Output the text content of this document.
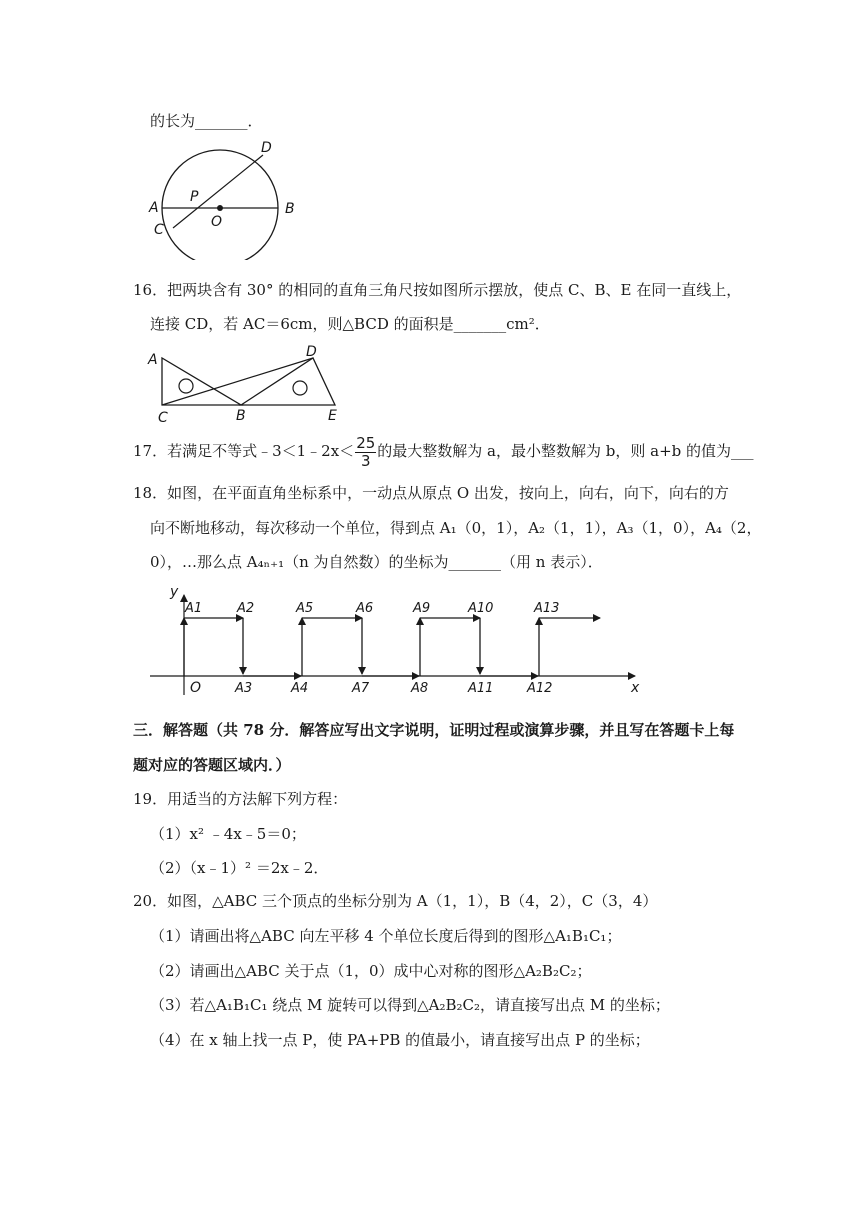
的长为_______．
A	B
C
D
P
O
16．把两块含有 30° 的相同的直角三角尺按如图所示摆放，使点 C、B、E 在同一直线上，
连接 CD，若 AC＝6cm，则△BCD 的面积是_______cm²．
A	D
C	B	E
17．若满足不等式﹣3＜1﹣2x＜ $\frac{25}{3}$ 的最大整数解为 a，最小整数解为 b，则 a+b 的值为___
18．如图，在平面直角坐标系中，一动点从原点 O 出发，按向上，向右，向下，向右的方
向不断地移动，每次移动一个单位，得到点 A₁（0，1），A₂（1，1），A₃（1，0），A₄（2，
0），…那么点 A₄ₙ₊₁（n 为自然数）的坐标为_______（用 n 表示）．
y
x
O
A1	A2
A3	A4
A5	A6
A7	A8
A9	A10
A11	A12
A13
三．解答题（共 78 分．解答应写出文字说明，证明过程或演算步骤，并且写在答题卡上每
题对应的答题区域内．）
19．用适当的方法解下列方程：
（1）x² ﹣4x﹣5＝0；
（2）（x﹣1）² ＝2x﹣2．
20．如图，△ABC 三个顶点的坐标分别为 A（1，1），B（4，2），C（3，4）
（1）请画出将△ABC 向左平移 4 个单位长度后得到的图形△A₁B₁C₁；
（2）请画出△ABC 关于点（1，0）成中心对称的图形△A₂B₂C₂；
（3）若△A₁B₁C₁ 绕点 M 旋转可以得到△A₂B₂C₂，请直接写出点 M 的坐标；
（4）在 x 轴上找一点 P，使 PA+PB 的值最小，请直接写出点 P 的坐标；
